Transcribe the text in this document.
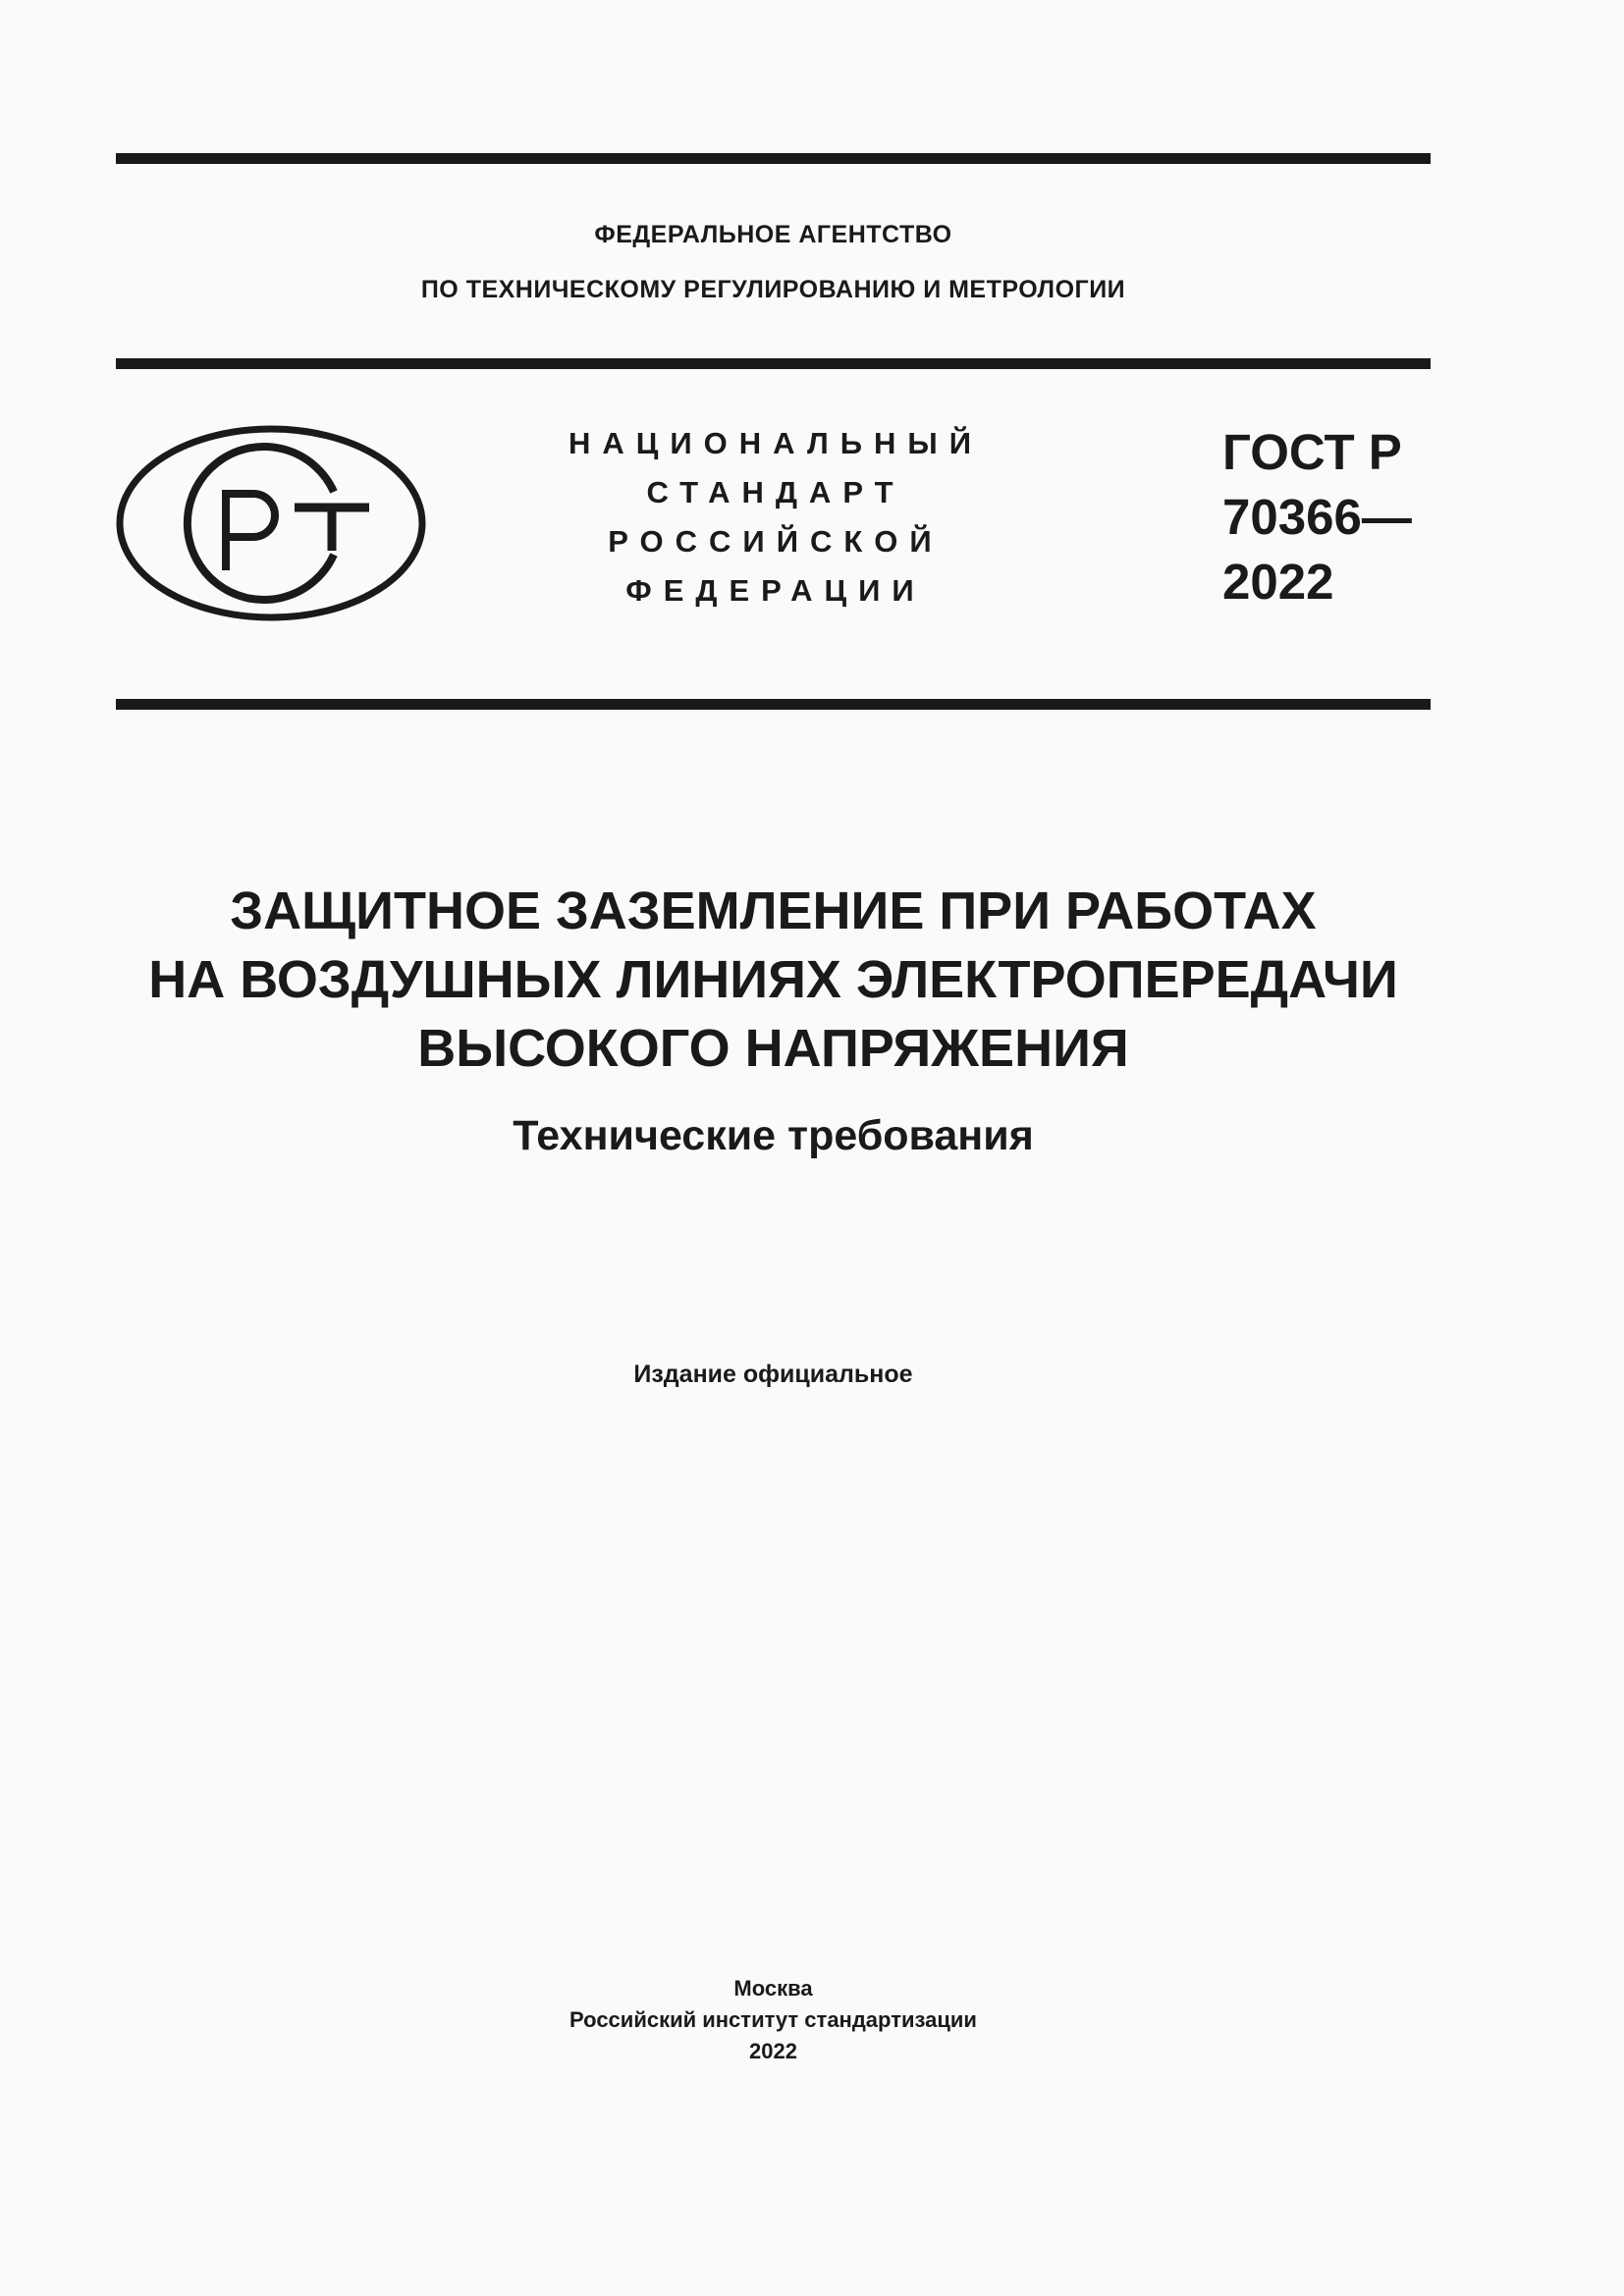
ФЕДЕРАЛЬНОЕ АГЕНТСТВО
ПО ТЕХНИЧЕСКОМУ РЕГУЛИРОВАНИЮ И МЕТРОЛОГИИ
НАЦИОНАЛЬНЫЙ
СТАНДАРТ
РОССИЙСКОЙ
ФЕДЕРАЦИИ
ГОСТ Р
70366—
2022
ЗАЩИТНОЕ ЗАЗЕМЛЕНИЕ ПРИ РАБОТАХ
НА ВОЗДУШНЫХ ЛИНИЯХ ЭЛЕКТРОПЕРЕДАЧИ
ВЫСОКОГО НАПРЯЖЕНИЯ
Технические требования
Издание официальное
Москва
Российский институт стандартизации
2022
